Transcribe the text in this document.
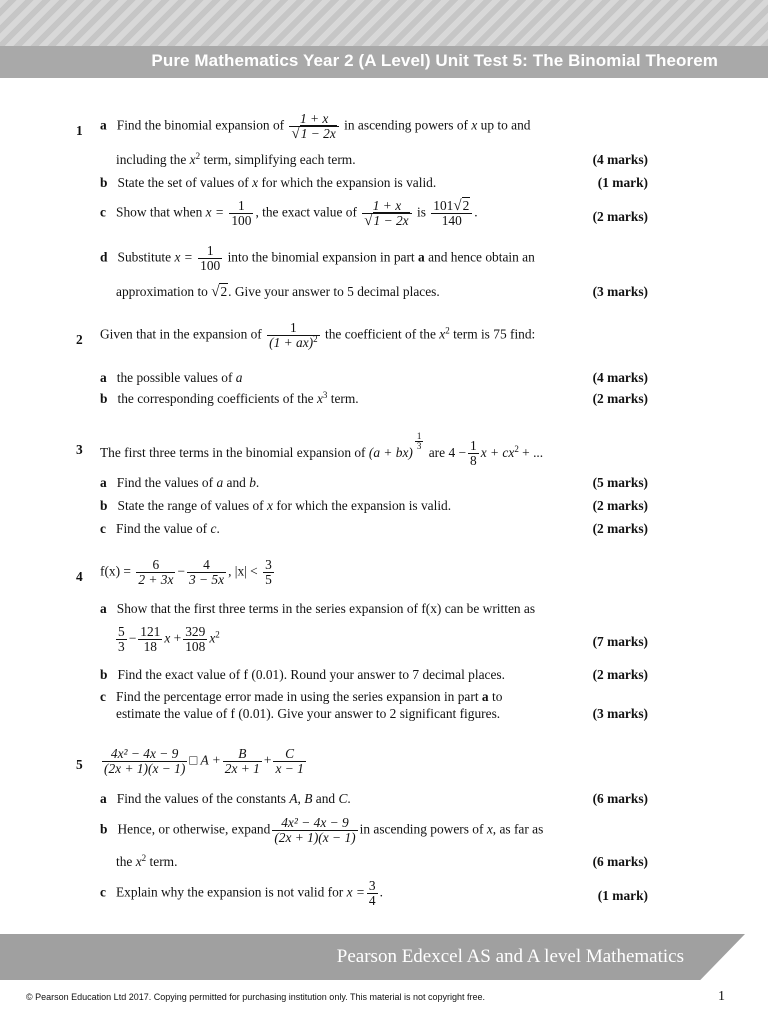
Pure Mathematics Year 2 (A Level) Unit Test 5: The Binomial Theorem
1 a Find the binomial expansion of $\frac{1 + x}{√1 - 2x}$ in ascending powers of x up to and
including the $x^2$ term, simplifying each term.	(4 marks)
b State the set of values of x for which the expansion is valid.	(1 mark)
c Show that when $x = \frac{1}{100}$ , the exact value of $\frac{1 + x}{√1 - 2x}$ is $\frac{101√2}{140}$ .	(2 marks)
d Substitute $x = \frac{1}{100}$ into the binomial expansion in part a and hence obtain an
approximation to √2. Give your answer to 5 decimal places.	(3 marks)
2 Given that in the expansion of $\frac{1}{(1 + ax)^2}$ the coefficient of the $x^2$ term is 75 find:
a the possible values of a	(4 marks)
b the corresponding coefficients of the $x^3$ term.	(2 marks)
3 The first three terms in the binomial expansion of (a + bx)
$\frac{1}{3}$
are $4 - \frac{1}{8}$ $x + cx^2$ + ...
a Find the values of a and b.	(5 marks)
b State the range of values of x for which the expansion is valid.	(2 marks)
c Find the value of c.	(2 marks)
4 $f(x) = \frac{6}{2 + 3x} - \frac{4}{3 - 5x}$ , $|x| < \frac{3}{5}$
a Show that the first three terms in the series expansion of f(x) can be written as
$\frac{5}{3} - \frac{121}{18}$ $x + \frac{329}{108} x^2$	(7 marks)
b Find the exact value of f (0.01). Round your answer to 7 decimal places.	(2 marks)
c Find the percentage error made in using the series expansion in part a to
estimate the value of f (0.01). Give your answer to 2 significant figures.	(3 marks)
$5 \frac{\text{4x² − 4x − 9}}{(2x + 1)(x - 1)}$ □ $A + \frac{B}{2x + 1} + \frac{C}{x - 1}$
a Find the values of the constants A, B and C.	(6 marks)
b Hence, or otherwise, expand $\frac{\text{4x² − 4x − 9}}{(2x + 1)(x - 1)}$ in ascending powers of x, as far as
the $x^2$ term.	(6 marks)
c Explain why the expansion is not valid for $x = \frac{3}{4}$ .	(1 mark)
Pearson Edexcel AS and A level Mathematics
© Pearson Education Ltd 2017. Copying permitted for purchasing institution only. This material is not copyright free.	1
